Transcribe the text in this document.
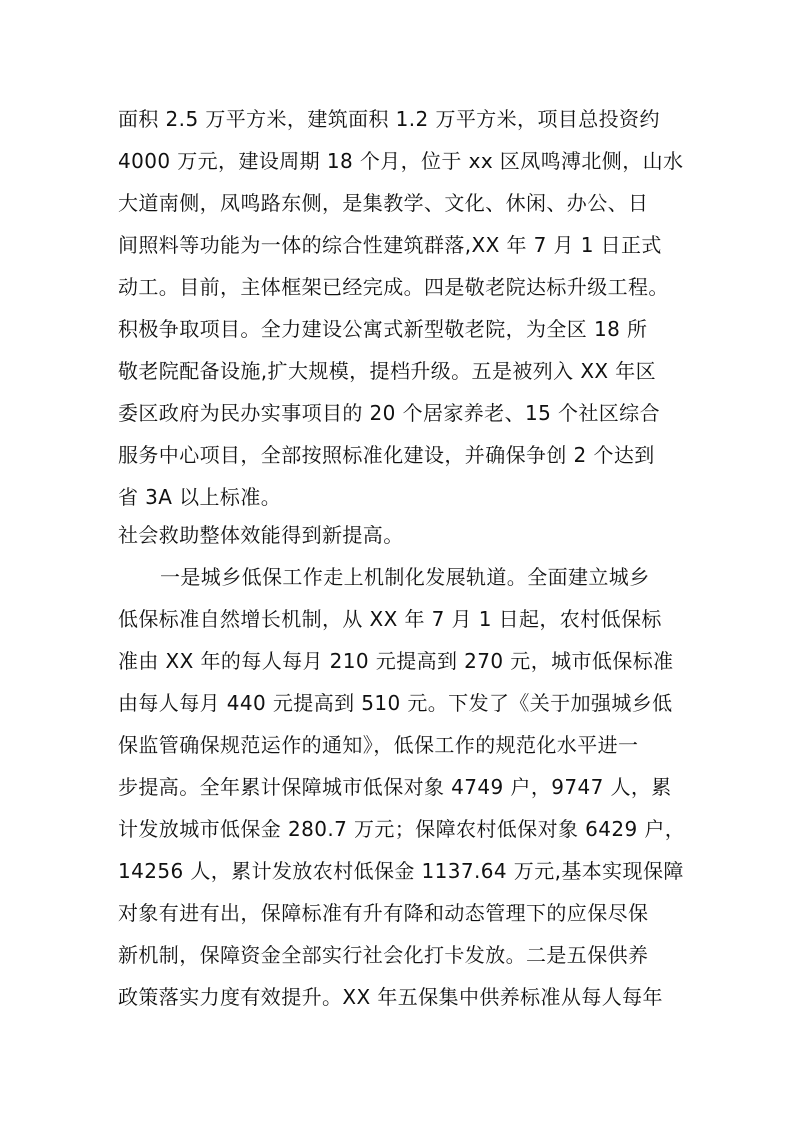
面积 2.5 万平方米，建筑面积 1.2 万平方米，项目总投资约
4000 万元，建设周期 18 个月，位于 xx 区凤鸣溥北侧，山水
大道南侧，凤鸣路东侧，是集教学、文化、休闲、办公、日
间照料等功能为一体的综合性建筑群落,XX 年 7 月 1 日正式
动工。目前，主体框架已经完成。四是敬老院达标升级工程。
积极争取项目。全力建设公寓式新型敬老院，为全区 18 所
敬老院配备设施,扩大规模，提档升级。五是被列入 XX 年区
委区政府为民办实事项目的 20 个居家养老、15 个社区综合
服务中心项目，全部按照标准化建设，并确保争创 2 个达到
省 3A 以上标准。
社会救助整体效能得到新提高。
一是城乡低保工作走上机制化发展轨道。全面建立城乡
低保标准自然增长机制，从 XX 年 7 月 1 日起，农村低保标
准由 XX 年的每人每月 210 元提高到 270 元，城市低保标准
由每人每月 440 元提高到 510 元。下发了《关于加强城乡低
保监管确保规范运作的通知》，低保工作的规范化水平进一
步提高。全年累计保障城市低保对象 4749 户，9747 人，累
计发放城市低保金 280.7 万元；保障农村低保对象 6429 户，
14256 人，累计发放农村低保金 1137.64 万元,基本实现保障
对象有进有出，保障标准有升有降和动态管理下的应保尽保
新机制，保障资金全部实行社会化打卡发放。二是五保供养
政策落实力度有效提升。XX 年五保集中供养标准从每人每年
